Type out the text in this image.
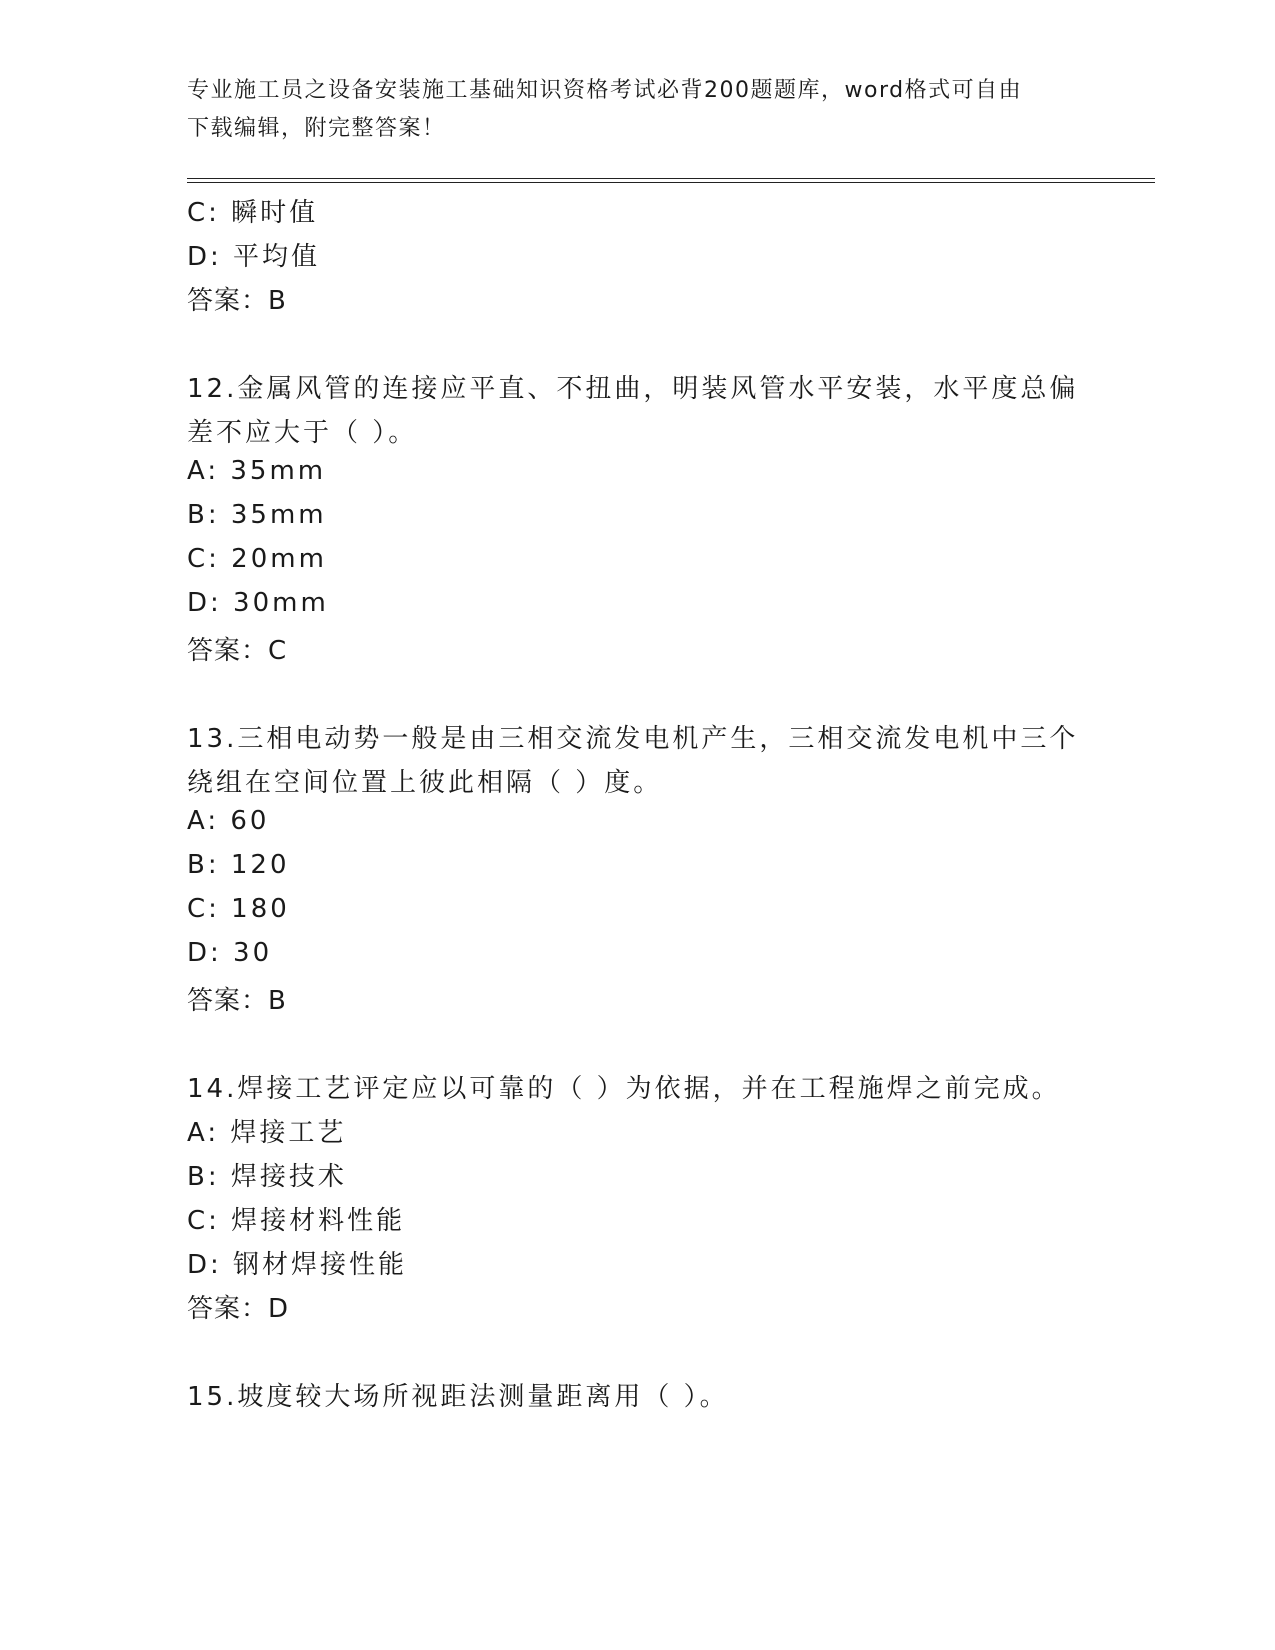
专业施工员之设备安装施工基础知识资格考试必背200题题库，word格式可自由
下载编辑，附完整答案！
C: 瞬时值
D: 平均值
答案：B
12.金属风管的连接应平直、不扭曲，明装风管水平安装，水平度总偏
差不应大于（ ）。
A: 35mm
B: 35mm
C: 20mm
D: 30mm
答案：C
13.三相电动势一般是由三相交流发电机产生，三相交流发电机中三个
绕组在空间位置上彼此相隔（ ）度。
A: 60
B: 120
C: 180
D: 30
答案：B
14.焊接工艺评定应以可靠的（ ）为依据，并在工程施焊之前完成。
A: 焊接工艺
B: 焊接技术
C: 焊接材料性能
D: 钢材焊接性能
答案：D
15.坡度较大场所视距法测量距离用（ ）。
